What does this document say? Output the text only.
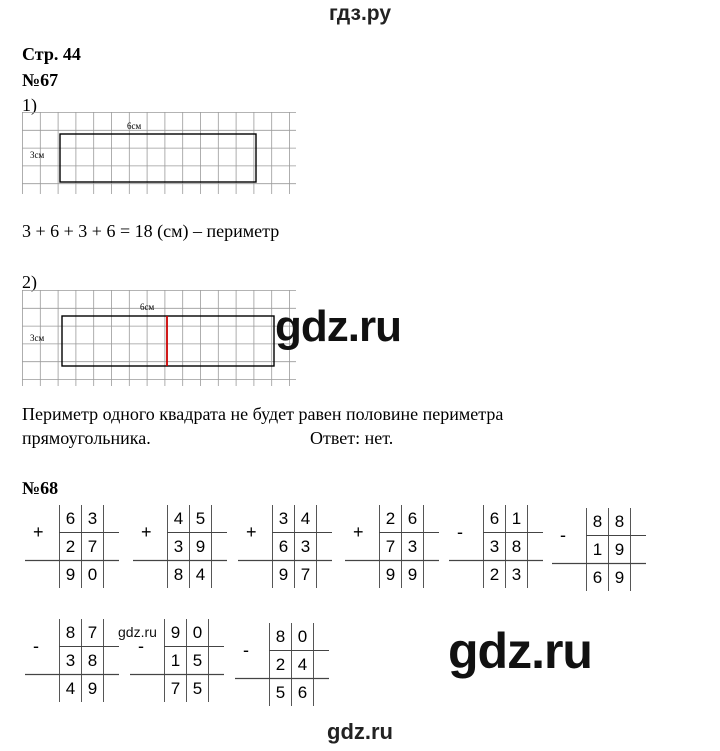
гдз.ру
Стр. 44
№67
1)
6см
3см
3 + 6 + 3 + 6 = 18 (см) – периметр
2)
6см
3см	gdz.ru
Периметр одного квадрата не будет равен половине периметра
прямоугольника.	Ответ: нет.
№68
6 3
2 7
9 0
+
4 5
3 9
8 4
+
3 4
6 3
9 7
+
2 6
7 3
9 9
+
6 1
3 8
2 3
-
8 8
1 9
6 9
-
8 7
3 8
4 9
-
9 0
1 5
7 5
-	8 0
2 4
5 6
-
gdz.ru	gdz.ru
gdz.ru
